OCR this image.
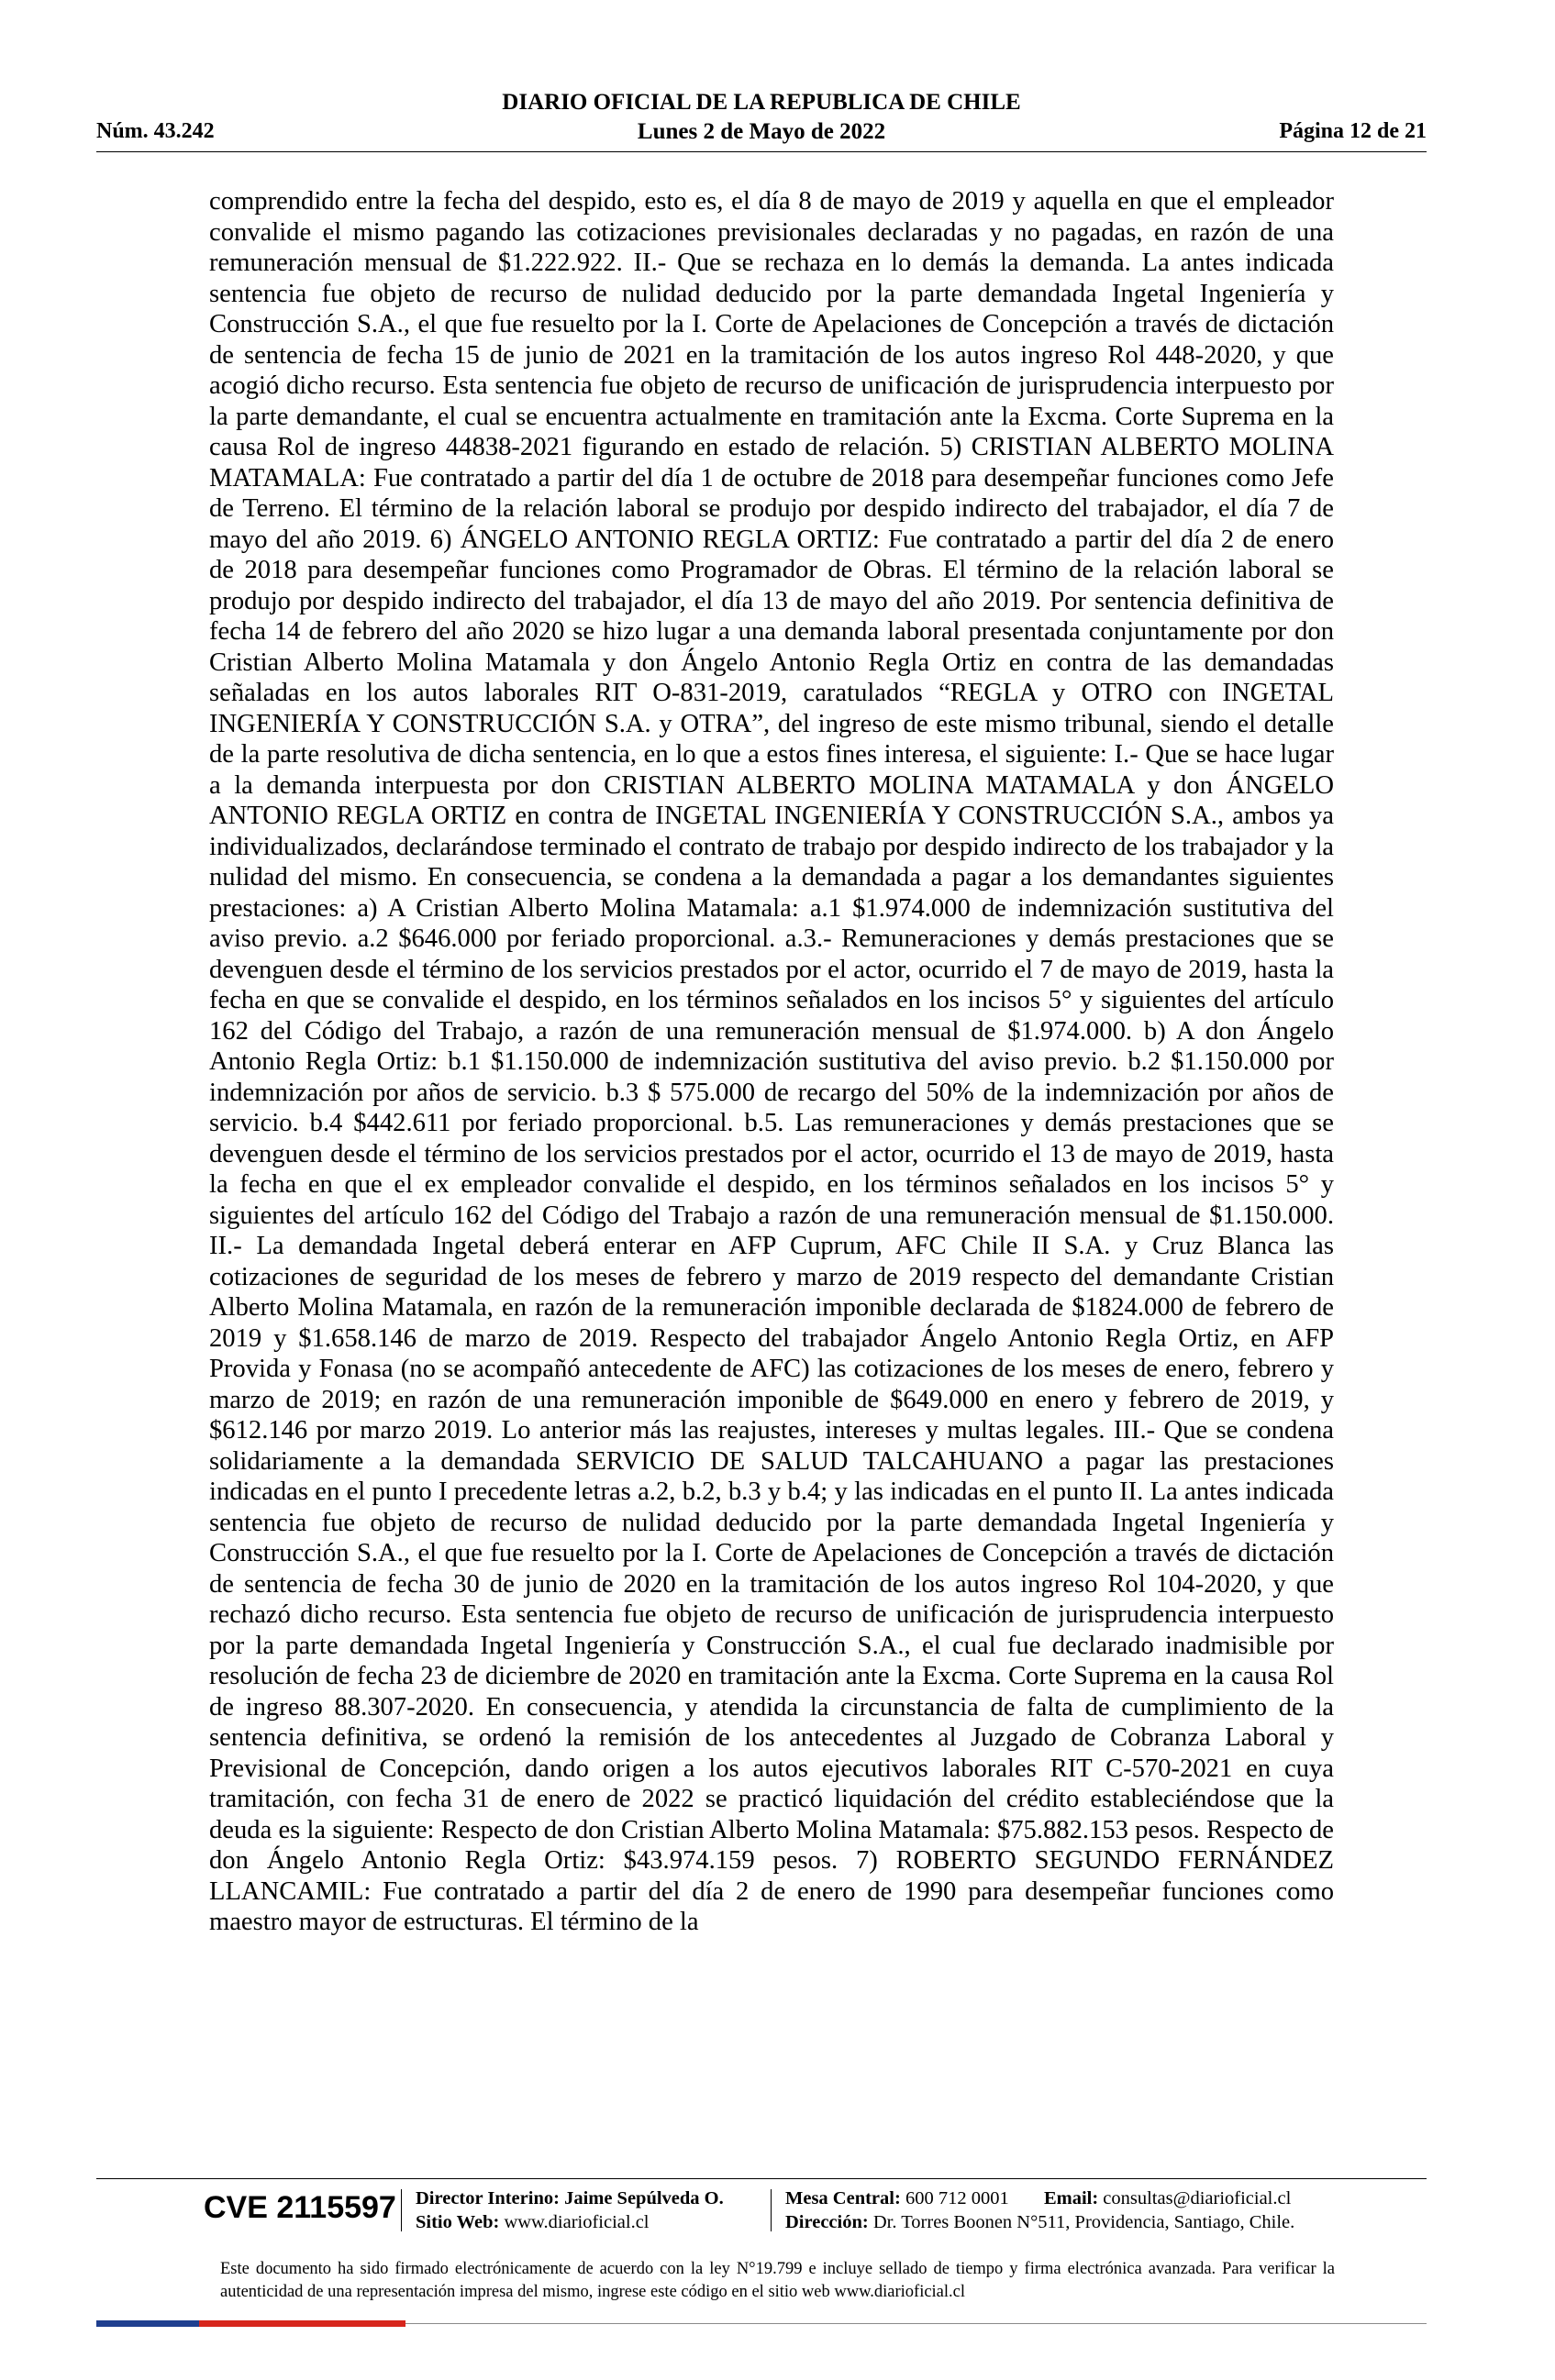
DIARIO OFICIAL DE LA REPUBLICA DE CHILE
Núm. 43.242	Lunes 2 de Mayo de 2022	Página 12 de 21
comprendido entre la fecha del despido, esto es, el día 8 de mayo de 2019 y aquella en que el empleador convalide el mismo pagando las cotizaciones previsionales declaradas y no pagadas, en razón de una remuneración mensual de $1.222.922. II.- Que se rechaza en lo demás la demanda. La antes indicada sentencia fue objeto de recurso de nulidad deducido por la parte demandada Ingetal Ingeniería y Construcción S.A., el que fue resuelto por la I. Corte de Apelaciones de Concepción a través de dictación de sentencia de fecha 15 de junio de 2021 en la tramitación de los autos ingreso Rol 448-2020, y que acogió dicho recurso. Esta sentencia fue objeto de recurso de unificación de jurisprudencia interpuesto por la parte demandante, el cual se encuentra actualmente en tramitación ante la Excma. Corte Suprema en la causa Rol de ingreso 44838-2021 figurando en estado de relación. 5) CRISTIAN ALBERTO MOLINA MATAMALA: Fue contratado a partir del día 1 de octubre de 2018 para desempeñar funciones como Jefe de Terreno. El término de la relación laboral se produjo por despido indirecto del trabajador, el día 7 de mayo del año 2019. 6) ÁNGELO ANTONIO REGLA ORTIZ: Fue contratado a partir del día 2 de enero de 2018 para desempeñar funciones como Programador de Obras. El término de la relación laboral se produjo por despido indirecto del trabajador, el día 13 de mayo del año 2019. Por sentencia definitiva de fecha 14 de febrero del año 2020 se hizo lugar a una demanda laboral presentada conjuntamente por don Cristian Alberto Molina Matamala y don Ángelo Antonio Regla Ortiz en contra de las demandadas señaladas en los autos laborales RIT O-831-2019, caratulados “REGLA y OTRO con INGETAL INGENIERÍA Y CONSTRUCCIÓN S.A. y OTRA”, del ingreso de este mismo tribunal, siendo el detalle de la parte resolutiva de dicha sentencia, en lo que a estos fines interesa, el siguiente: I.- Que se hace lugar a la demanda interpuesta por don CRISTIAN ALBERTO MOLINA MATAMALA y don ÁNGELO ANTONIO REGLA ORTIZ en contra de INGETAL INGENIERÍA Y CONSTRUCCIÓN S.A., ambos ya individualizados, declarándose terminado el contrato de trabajo por despido indirecto de los trabajador y la nulidad del mismo. En consecuencia, se condena a la demandada a pagar a los demandantes siguientes prestaciones: a) A Cristian Alberto Molina Matamala: a.1 $1.974.000 de indemnización sustitutiva del aviso previo. a.2 $646.000 por feriado proporcional. a.3.- Remuneraciones y demás prestaciones que se devenguen desde el término de los servicios prestados por el actor, ocurrido el 7 de mayo de 2019, hasta la fecha en que se convalide el despido, en los términos señalados en los incisos 5° y siguientes del artículo 162 del Código del Trabajo, a razón de una remuneración mensual de $1.974.000. b) A don Ángelo Antonio Regla Ortiz: b.1 $1.150.000 de indemnización sustitutiva del aviso previo. b.2 $1.150.000 por indemnización por años de servicio. b.3 $ 575.000 de recargo del 50% de la indemnización por años de servicio. b.4 $442.611 por feriado proporcional. b.5. Las remuneraciones y demás prestaciones que se devenguen desde el término de los servicios prestados por el actor, ocurrido el 13 de mayo de 2019, hasta la fecha en que el ex empleador convalide el despido, en los términos señalados en los incisos 5° y siguientes del artículo 162 del Código del Trabajo a razón de una remuneración mensual de $1.150.000. II.- La demandada Ingetal deberá enterar en AFP Cuprum, AFC Chile II S.A. y Cruz Blanca las cotizaciones de seguridad de los meses de febrero y marzo de 2019 respecto del demandante Cristian Alberto Molina Matamala, en razón de la remuneración imponible declarada de $1824.000 de febrero de 2019 y $1.658.146 de marzo de 2019. Respecto del trabajador Ángelo Antonio Regla Ortiz, en AFP Provida y Fonasa (no se acompañó antecedente de AFC) las cotizaciones de los meses de enero, febrero y marzo de 2019; en razón de una remuneración imponible de $649.000 en enero y febrero de 2019, y $612.146 por marzo 2019. Lo anterior más las reajustes, intereses y multas legales. III.- Que se condena solidariamente a la demandada SERVICIO DE SALUD TALCAHUANO a pagar las prestaciones indicadas en el punto I precedente letras a.2, b.2, b.3 y b.4; y las indicadas en el punto II. La antes indicada sentencia fue objeto de recurso de nulidad deducido por la parte demandada Ingetal Ingeniería y Construcción S.A., el que fue resuelto por la I. Corte de Apelaciones de Concepción a través de dictación de sentencia de fecha 30 de junio de 2020 en la tramitación de los autos ingreso Rol 104-2020, y que rechazó dicho recurso. Esta sentencia fue objeto de recurso de unificación de jurisprudencia interpuesto por la parte demandada Ingetal Ingeniería y Construcción S.A., el cual fue declarado inadmisible por resolución de fecha 23 de diciembre de 2020 en tramitación ante la Excma. Corte Suprema en la causa Rol de ingreso 88.307-2020. En consecuencia, y atendida la circunstancia de falta de cumplimiento de la sentencia definitiva, se ordenó la remisión de los antecedentes al Juzgado de Cobranza Laboral y Previsional de Concepción, dando origen a los autos ejecutivos laborales RIT C-570-2021 en cuya tramitación, con fecha 31 de enero de 2022 se practicó liquidación del crédito estableciéndose que la deuda es la siguiente: Respecto de don Cristian Alberto Molina Matamala: $75.882.153 pesos. Respecto de don Ángelo Antonio Regla Ortiz: $43.974.159 pesos. 7) ROBERTO SEGUNDO FERNÁNDEZ LLANCAMIL: Fue contratado a partir del día 2 de enero de 1990 para desempeñar funciones como maestro mayor de estructuras. El término de la
CVE 2115597 Director Interino: Jaime Sepúlveda O.
Sitio Web: www.diarioficial.cl
Mesa Central: 600 712 0001 Email: consultas@diarioficial.cl
Dirección: Dr. Torres Boonen N°511, Providencia, Santiago, Chile.
Este documento ha sido firmado electrónicamente de acuerdo con la ley N°19.799 e incluye sellado de tiempo y firma electrónica avanzada. Para verificar la autenticidad de una representación impresa del mismo, ingrese este código en el sitio web www.diarioficial.cl
